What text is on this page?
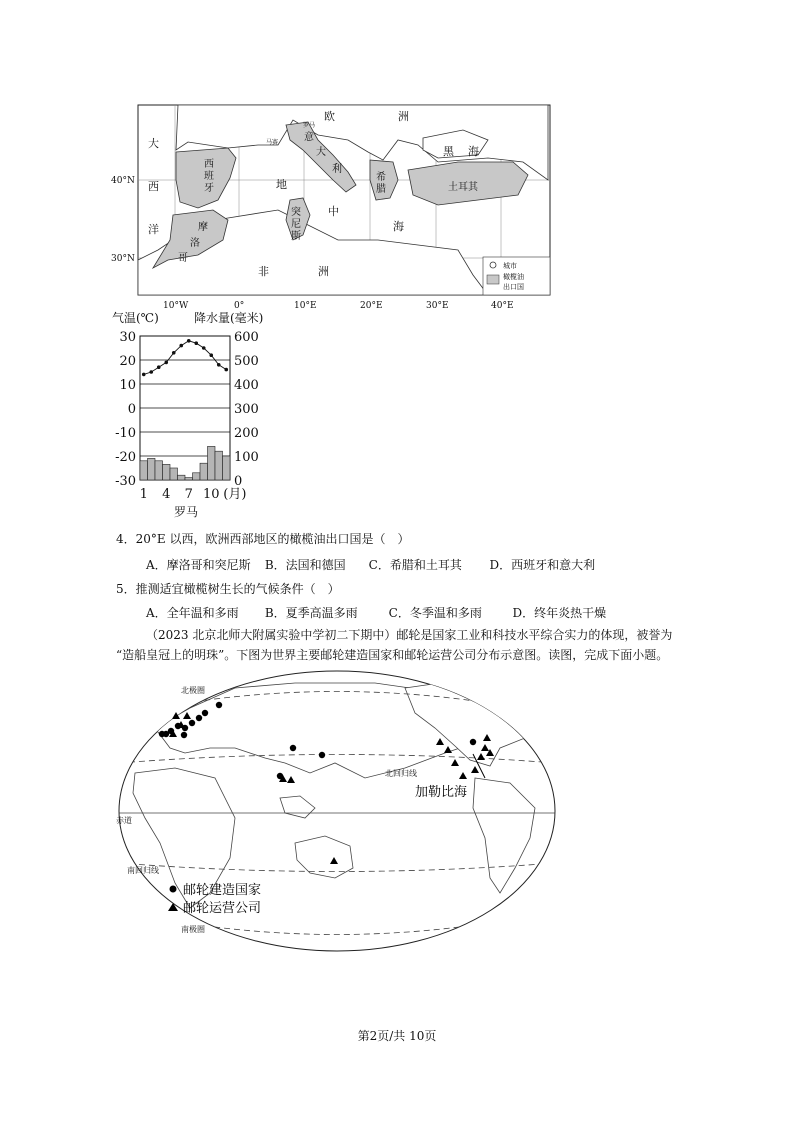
大
西
洋
欧	洲
地
中
海
非	洲
黑 海
西
班
牙
摩
洛
哥
意
大
利
突
尼
斯
希
腊	土耳其
马赛
罗马
40°N
30°N
10°W	0°	10°E	20°E	30°E	40°E
城市
橄榄油
出口国
气温(℃)	降水量(毫米)
30
20
10
0
-10
-20
-30
600
500
400
300
200
100
0
1 4 7 10 (月)
罗马
4．20°E 以西，欧洲西部地区的橄榄油出口国是（　）
A．摩洛哥和突尼斯 B．法国和德国 C．希腊和土耳其 D．西班牙和意大利
5．推测适宜橄榄树生长的气候条件（　）
A．全年温和多雨 B．夏季高温多雨	C．冬季温和多雨	D．终年炎热干燥
（2023 北京北师大附属实验中学初二下期中）邮轮是国家工业和科技水平综合实力的体现，被誉为
“造船皇冠上的明珠”。下图为世界主要邮轮建造国家和邮轮运营公司分布示意图。读图，完成下面小题。
北极圈
北回归线
赤道
南回归线
南极圈
加勒比海
邮轮建造国家
邮轮运营公司
第2页/共 10页
